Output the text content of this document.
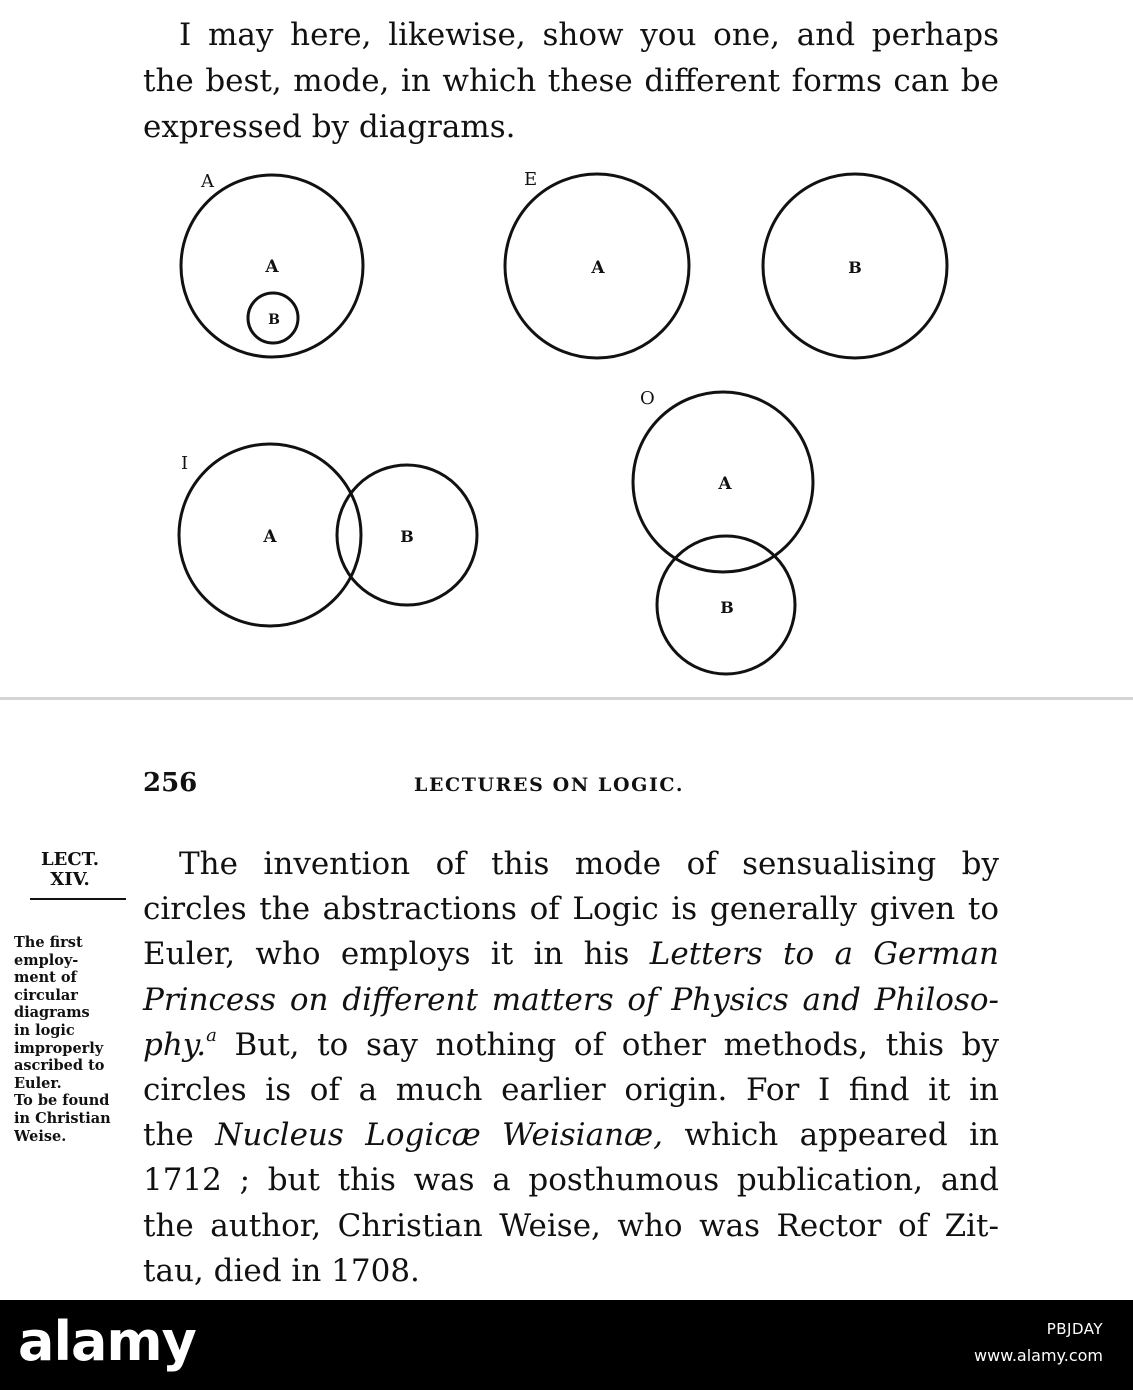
I may here, likewise, show you one, and perhaps the best, mode, in which these different forms can be expressed by diagrams.

A
A
B
E
A	B
I
A	B
O
A
B
256	LECTURES ON LOGIC.
LECT.
XIV.
The first
employ-
ment of
circular
diagrams
in logic
improperly
ascribed to
Euler.
To be found
in Christian
Weise.
The invention of this mode of sensualising by
circles the abstractions of Logic is generally given to
Euler, who employs it in his Letters to a German
Princess on different matters of Physics and Philoso-
phy.$^a$ But, to say nothing of other methods, this by
circles is of a much earlier origin. For I find it in
the Nucleus Logicæ Weisianæ, which appeared in
1712 ; but this was a posthumous publication, and
the author, Christian Weise, who was Rector of Zit-
tau, died in 1708.
alamy	PBJDAY
www.alamy.com
